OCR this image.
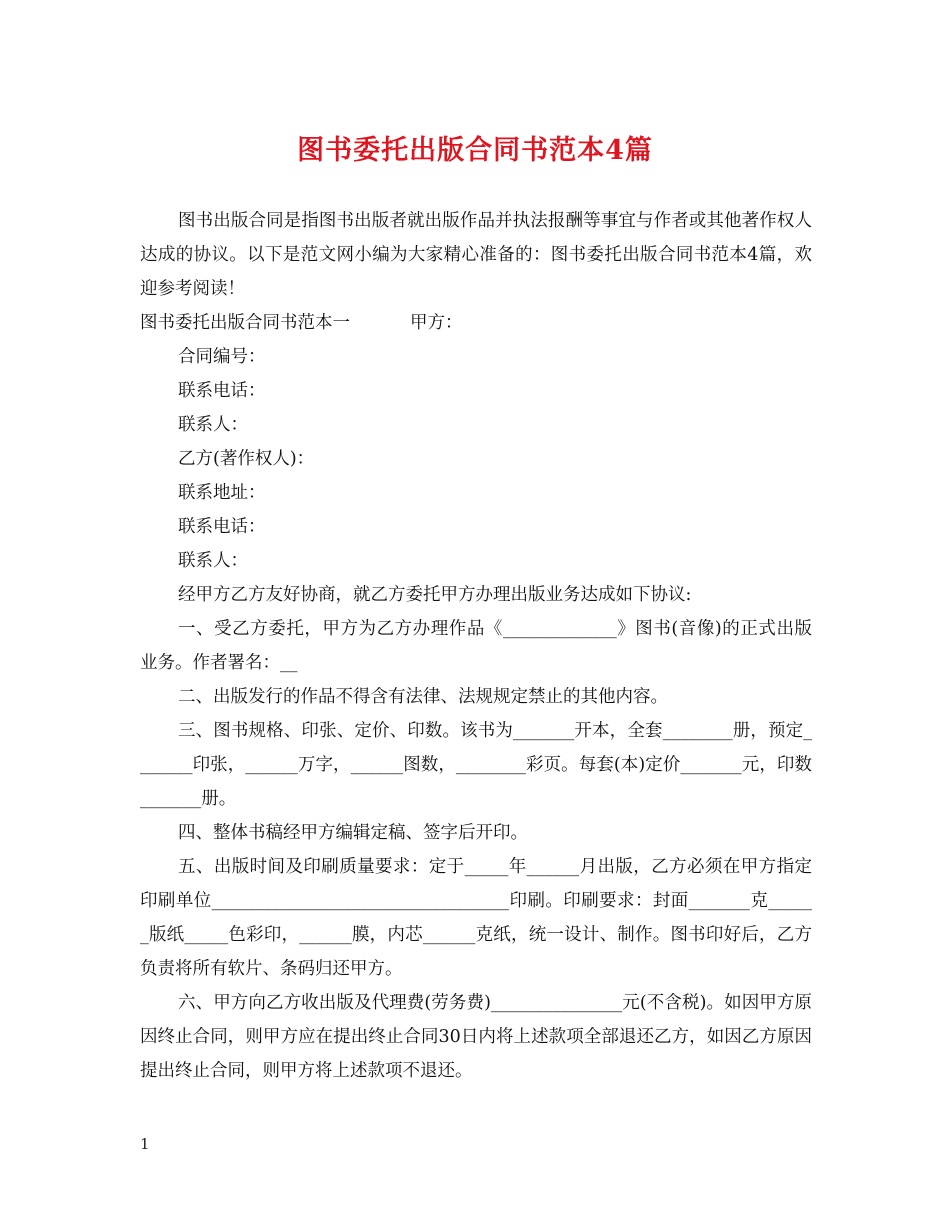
图书委托出版合同书范本4篇

图书出版合同是指图书出版者就出版作品并执法报酬等事宜与作者或其他著作权人达成的协议。以下是范文网小编为大家精心准备的：图书委托出版合同书范本4篇，欢迎参考阅读！

图书委托出版合同书范本一	甲方：

合同编号：

联系电话：

联系人：

乙方(著作权人)：

联系地址：

联系电话：

联系人：

经甲方乙方友好协商，就乙方委托甲方办理出版业务达成如下协议:

一、受乙方委托，甲方为乙方办理作品《_____________》图书(音像)的正式出版业务。作者署名：__

二、出版发行的作品不得含有法律、法规规定禁止的其他内容。

三、图书规格、印张、定价、印数。该书为_______开本，全套________册，预定_______印张，______万字，______图数，________彩页。每套(本)定价_______元，印数_______册。

四、整体书稿经甲方编辑定稿、签字后开印。

五、出版时间及印刷质量要求：定于_____年______月出版，乙方必须在甲方指定印刷单位__________________________________印刷。印刷要求：封面_______克______版纸_____色彩印，______膜，内芯______克纸，统一设计、制作。图书印好后，乙方负责将所有软片、条码归还甲方。

六、甲方向乙方收出版及代理费(劳务费)_______________元(不含税)。如因甲方原因终止合同，则甲方应在提出终止合同30日内将上述款项全部退还乙方，如因乙方原因提出终止合同，则甲方将上述款项不退还。

1
